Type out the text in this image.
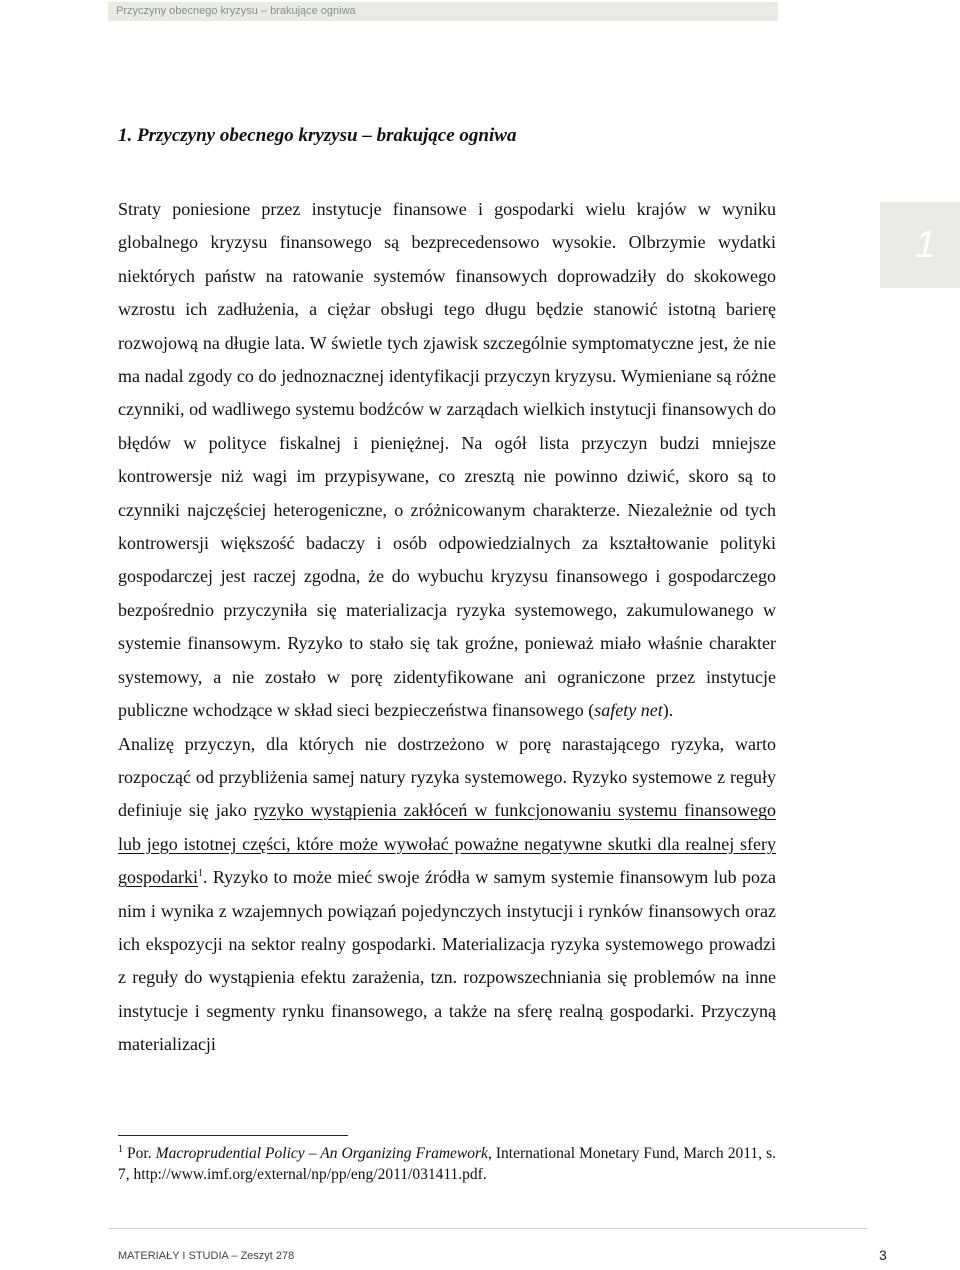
Przyczyny obecnego kryzysu – brakujące ogniwa
1
1. Przyczyny obecnego kryzysu – brakujące ogniwa

Straty poniesione przez instytucje finansowe i gospodarki wielu krajów w wyniku globalnego kryzysu finansowego są bezprecedensowo wysokie. Olbrzymie wydatki niektórych państw na ratowanie systemów finansowych doprowadziły do skokowego wzrostu ich zadłużenia, a ciężar obsługi tego długu będzie stanowić istotną barierę rozwojową na długie lata. W świetle tych zjawisk szczególnie symptomatyczne jest, że nie ma nadal zgody co do jednoznacznej identyfikacji przyczyn kryzysu. Wymieniane są różne czynniki, od wadliwego systemu bodźców w zarządach wielkich instytucji finansowych do błędów w polityce fiskalnej i pieniężnej. Na ogół lista przyczyn budzi mniejsze kontrowersje niż wagi im przypisywane, co zresztą nie powinno dziwić, skoro są to czynniki najczęściej heterogeniczne, o zróżnicowanym charakterze. Niezależnie od tych kontrowersji większość badaczy i osób odpowiedzialnych za kształtowanie polityki gospodarczej jest raczej zgodna, że do wybuchu kryzysu finansowego i gospodarczego bezpośrednio przyczyniła się materializacja ryzyka systemowego, zakumulowanego w systemie finansowym. Ryzyko to stało się tak groźne, ponieważ miało właśnie charakter systemowy, a nie zostało w porę zidentyfikowane ani ograniczone przez instytucje publiczne wchodzące w skład sieci bezpieczeństwa finansowego (safety net).

Analizę przyczyn, dla których nie dostrzeżono w porę narastającego ryzyka, warto rozpocząć od przybliżenia samej natury ryzyka systemowego. Ryzyko systemowe z reguły definiuje się jako ryzyko wystąpienia zakłóceń w funkcjonowaniu systemu finansowego lub jego istotnej części, które może wywołać poważne negatywne skutki dla realnej sfery gospodarki$^1$. Ryzyko to może mieć swoje źródła w samym systemie finansowym lub poza nim i wynika z wzajemnych powiązań pojedynczych instytucji i rynków finansowych oraz ich ekspozycji na sektor realny gospodarki. Materializacja ryzyka systemowego prowadzi z reguły do wystąpienia efektu zarażenia, tzn. rozpowszechniania się problemów na inne instytucje i segmenty rynku finansowego, a także na sferę realną gospodarki. Przyczyną materializacji

$^1$ Por. Macroprudential Policy – An Organizing Framework, International Monetary Fund, March 2011, s. 7, http://www.imf.org/external/np/pp/eng/2011/031411.pdf.
MATERIAŁY I STUDIA – Zeszyt 278	3
